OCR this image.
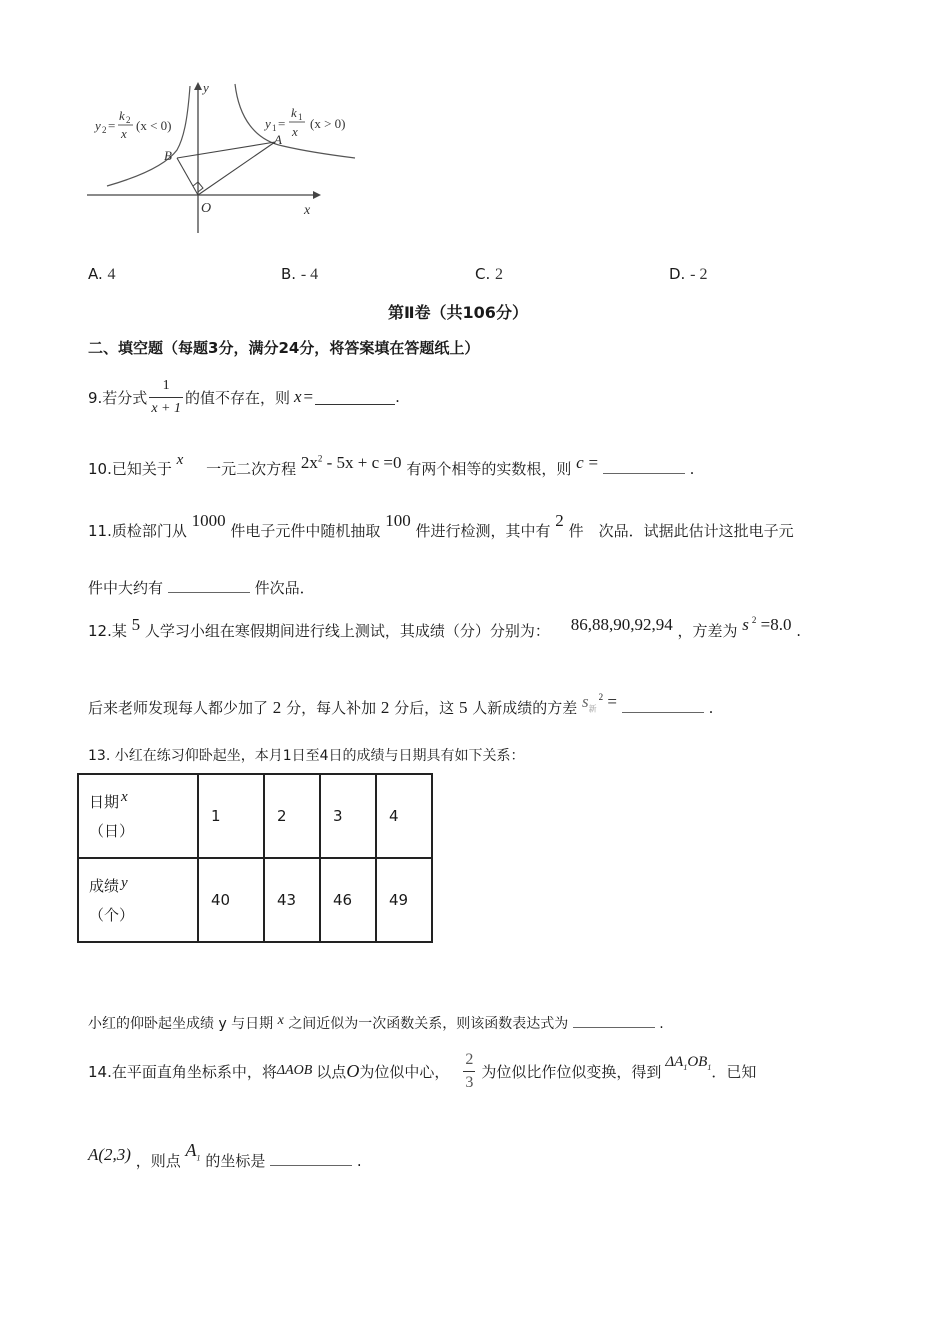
y
x
O
A
B
y 2 =
k 2
x
(x < 0)	y 1 =
k 1
x
(x > 0)
A. 4	B. - 4	C. 2	D. - 2
第Ⅱ卷（共106分）
二、填空题（每题3分，满分24分，将答案填在答题纸上）
9.若分式 $\frac{1}{x + 1}$ 的值不存在，则 x =	.
10.已知关于 x 一元二次方程 $2x^2 - 5x + c =0$ 有两个相等的实数根，则 c =	.
11.质检部门从 1000 件电子元件中随机抽取 100 件进行检测，其中有 2 件　次品．试据此估计这批电子元
件中大约有	件次品．
12.某 5 人学习小组在寒假期间进行线上测试，其成绩（分）分别为： 86,88,90,92,94 ，方差为 s $^2$ =8.0 .
后来老师发现每人都少加了 2 分，每人补加 2 分后，这 5 人新成绩的方差 $s_新^2$ =	.
13. 小红在练习仰卧起坐，本月1日至4日的成绩与日期具有如下关系：
日期 x
（日）	1	2	3	4

成绩 y
（个）	40	43	46	49
小红的仰卧起坐成绩 y 与日期 x 之间近似为一次函数关系，则该函数表达式为	.
14.在平面直角坐标系中，将 ΔAOB 以点 O 为位似中心， $\frac{2}{3}$ 为位似比作位似变换，得到
$\Delta A_1OB_1$ ．已知
A(2,3) ，则点 $A_1$ 的坐标是	.
